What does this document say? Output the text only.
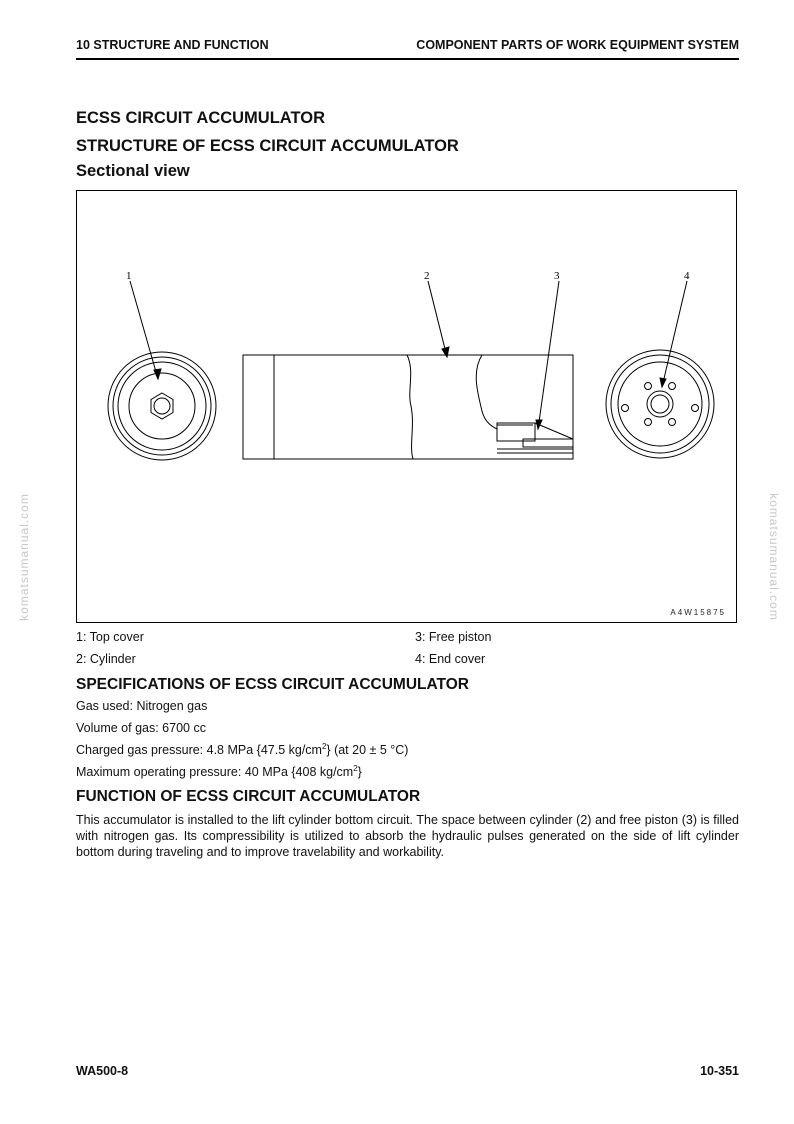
10 STRUCTURE AND FUNCTION	COMPONENT PARTS OF WORK EQUIPMENT SYSTEM
ECSS CIRCUIT ACCUMULATOR
STRUCTURE OF ECSS CIRCUIT ACCUMULATOR
Sectional view
1	2	3	4
A4W15875
1: Top cover
2: Cylinder
3: Free piston
4: End cover
SPECIFICATIONS OF ECSS CIRCUIT ACCUMULATOR
Gas used: Nitrogen gas
Volume of gas: 6700 cc
Charged gas pressure: 4.8 MPa {47.5 $kg/cm^2$} (at 20 ± 5 °C)
Maximum operating pressure: 40 MPa {408 $kg/cm^2$}
FUNCTION OF ECSS CIRCUIT ACCUMULATOR
This accumulator is installed to the lift cylinder bottom circuit. The space between cylinder (2) and free piston (3) is filled with nitrogen gas. Its compressibility is utilized to absorb the hydraulic pulses generated on the side of lift cylinder bottom during traveling and to improve travelability and workability.
WA500-8	10-351
komatsumanual.com	komatsumanual.com
